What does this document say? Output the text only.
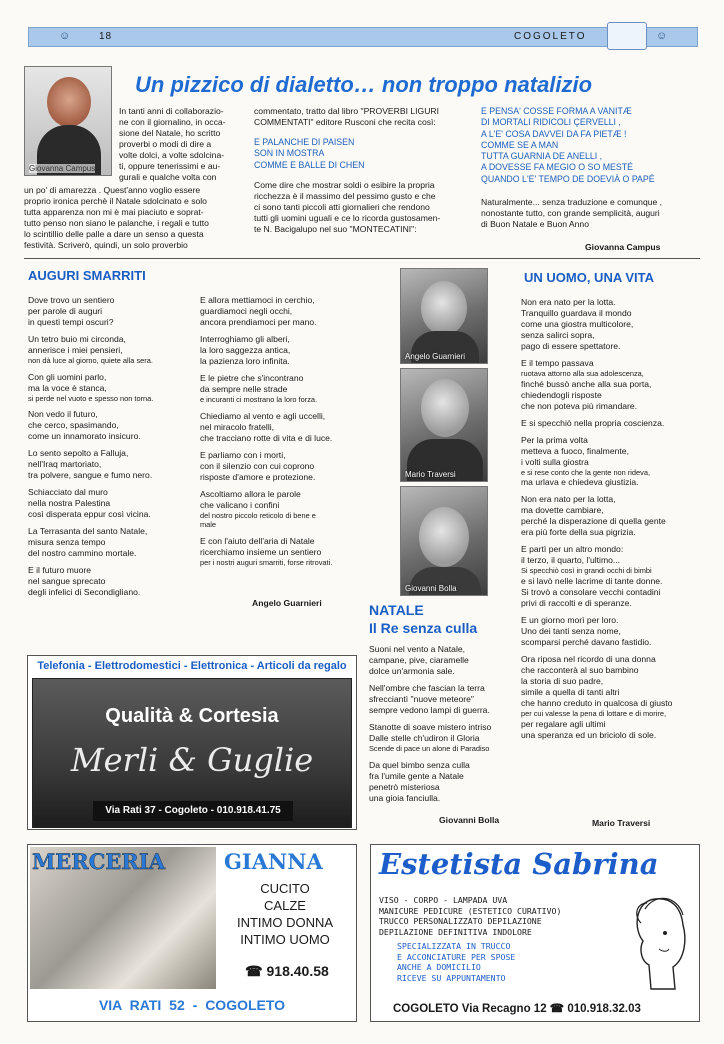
☺	18	COGOLETO	☺
Giovanna Campus
Un pizzico di dialetto… non troppo natalizio
In tanti anni di collaborazio-
ne con il giornalino, in occa-
sione del Natale, ho scritto
proverbi o modi di dire a
volte dolci, a volte sdolcina-
ti, oppure tenerissimi e au-
gurali e qualche volta con
un po' di amarezza . Quest'anno voglio essere
proprio ironica perchè il Natale sdolcinato e solo
tutta apparenza non mi è mai piaciuto e soprat-
tutto penso non siano le palanche, i regali e tutto
lo scintillio delle palle a dare un senso a questa
festività. Scriverò, quindi, un solo proverbio
commentato, tratto dal libro "PROVERBI LIGURI
COMMENTATI" editore Rusconi che recita così:
E PALANCHE DI PAISEN
SON IN MOSTRA
COMME E BALLE DI CHEN
Come dire che mostrar soldi o esibire la propria
ricchezza è il massimo del pessimo gusto e che
ci sono tanti piccoli atti giornalieri che rendono
tutti gli uomini uguali e ce lo ricorda gustosamen-
te N. Bacigalupo nel suo "MONTECATINI":
E PENSA' COSSE FORMA A VANITÆ
DI MORTALI RIDICOLI ÇERVELLI ,
A L'E' COSA DAVVEI DA FA PIETÆ !
COMME SE A MAN
TUTTA GUARNIA DE ANELLI ,
A DOVESSE FA MEGIO O SO MESTÉ
QUANDO L'E' TEMPO DE DOEVIÀ O PAPÉ
Naturalmente... senza traduzione e comunque ,
nonostante tutto, con grande semplicità, auguri
di Buon Natale e Buon Anno
Giovanna Campus
AUGURI SMARRITI

Dove trovo un sentiero
per parole di auguri
in questi tempi oscuri?

Un tetro buio mi circonda,
annerisce i miei pensieri,
non dà luce al giorno, quiete alla sera.

Con gli uomini parlo,
ma la voce è stanca,
si perde nel vuoto e spesso non torna.

Non vedo il futuro,
che cerco, spasimando,
come un innamorato insicuro.

Lo sento sepolto a Falluja,
nell'Iraq martoriato,
tra polvere, sangue e fumo nero.

Schiacciato dal muro
nella nostra Palestina
così disperata eppur così vicina.

La Terrasanta del santo Natale,
misura senza tempo
del nostro cammino mortale.

E il futuro muore
nel sangue sprecato
degli infelici di Secondigliano.

E allora mettiamoci in cerchio,
guardiamoci negli occhi,
ancora prendiamoci per mano.

Interroghiamo gli alberi,
la loro saggezza antica,
la pazienza loro infinita.

E le pietre che s'incontrano
da sempre nelle strade
e incuranti ci mostrano la loro forza.

Chiediamo al vento e agli uccelli,
nel miracolo fratelli,
che tracciano rotte di vita e di luce.

E parliamo con i morti,
con il silenzio con cui coprono
risposte d'amore e protezione.

Ascoltiamo allora le parole
che valicano i confini
del nostro piccolo reticolo di bene e
male

E con l'aiuto dell'aria di Natale
ricerchiamo insieme un sentiero
per i nostri auguri smarriti, forse ritrovati.

Angelo Guarnieri
Angelo Guarnieri
Mario Traversi
Giovanni Bolla
NATALE
Il Re senza culla

Suoni nel vento a Natale,
campane, pive, ciaramelle
dolce un'armonia sale.

Nell'ombre che fascian la terra
sfrecciantì "nuove meteore"
sempre vedono lampi di guerra.

Stanotte di soave mistero intriso
Dalle stelle ch'udiron il Gloria
Scende di pace un alone di Paradiso

Da quel bimbo senza culla
fra l'umile gente a Natale
penetrò misteriosa
una gioia fanciulla.

Giovanni Bolla
UN UOMO, UNA VITA

Non era nato per la lotta.
Tranquillo guardava il mondo
come una giostra multicolore,
senza salirci sopra,
pago di essere spettatore.

E il tempo passava
ruotava attorno alla sua adolescenza,
finché bussò anche alla sua porta,
chiedendogli risposte
che non poteva più rimandare.

E si specchiò nella propria coscienza.

Per la prima volta
metteva a fuoco, finalmente,
i volti sulla giostra
e si rese conto che la gente non rideva,
ma urlava e chiedeva giustizia.

Non era nato per la lotta,
ma dovette cambiare,
perché la disperazione di quella gente
era più forte della sua pigrizia.

E partì per un altro mondo:
il terzo, il quarto, l'ultimo...
Si specchiò così in grandi occhi di bimbi
e si lavò nelle lacrime di tante donne.
Si trovò a consolare vecchi contadini
privi di raccolti e di speranze.

E un giorno morì per loro.
Uno dei tanti senza nome,
scomparsi perché davano fastidio.

Ora riposa nel ricordo di una donna
che racconterà al suo bambino
la storia di suo padre,
simile a quella di tanti altri
che hanno creduto in qualcosa di giusto
per cui valesse la pena di lottare e di morire,
per regalare agli ultimi
una speranza ed un briciolo di sole.

Mario Traversi
Telefonia - Elettrodomestici - Elettronica - Articoli da regalo
Qualità & Cortesia
Merli & Guglie
Via Rati 37 - Cogoleto - 010.918.41.75
MERCERIA	GIANNA
CUCITO
CALZE
INTIMO DONNA
INTIMO UOMO
☎ 918.40.58
VIA RATI 52 - COGOLETO
Estetista Sabrina
VISO - CORPO - LAMPADA UVA
MANICURE PEDICURE (ESTETICO CURATIVO)
TRUCCO PERSONALIZZATO DEPILAZIONE
DEPILAZIONE DEFINITIVA INDOLORE
SPECIALIZZATA IN TRUCCO
E ACCONCIATURE PER SPOSE
ANCHE A DOMICILIO
RICEVE SU APPUNTAMENTO
COGOLETO Via Recagno 12 ☎ 010.918.32.03
